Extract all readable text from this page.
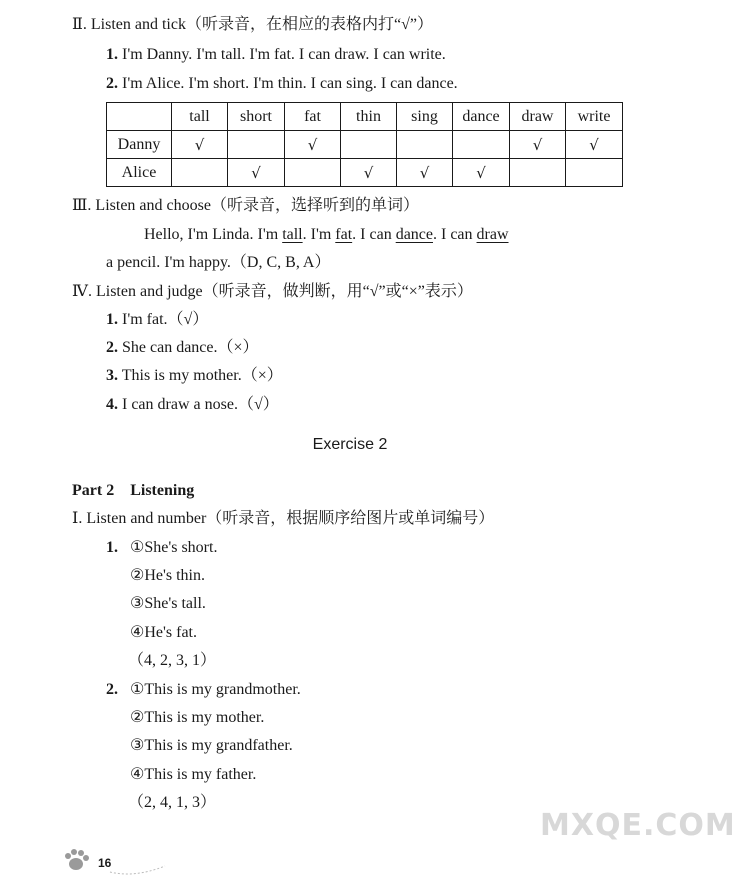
Ⅱ. Listen and tick（听录音，在相应的表格内打“√”）
1. I'm Danny. I'm tall. I'm fat. I can draw. I can write.
2. I'm Alice. I'm short. I'm thin. I can sing. I can dance.
	tall	short	fat	thin	sing	dance	draw	write
Danny	√		√				√	√
Alice		√		√	√	√		
Ⅲ. Listen and choose（听录音，选择听到的单词）
Hello, I'm Linda. I'm tall. I'm fat. I can dance. I can draw
a pencil. I'm happy.（D, C, B, A）
Ⅳ. Listen and judge（听录音，做判断，用“√”或“×”表示）
1. I'm fat.（√）
2. She can dance.（×）
3. This is my mother.（×）
4. I can draw a nose.（√）
Exercise 2
Part 2　Listening
Ⅰ. Listen and number（听录音，根据顺序给图片或单词编号）
1. ①She's short.
②He's thin.
③She's tall.
④He's fat.
（4, 2, 3, 1）
2. ①This is my grandmother.
②This is my mother.
③This is my grandfather.
④This is my father.
（2, 4, 1, 3）
16
MXQE.COM
